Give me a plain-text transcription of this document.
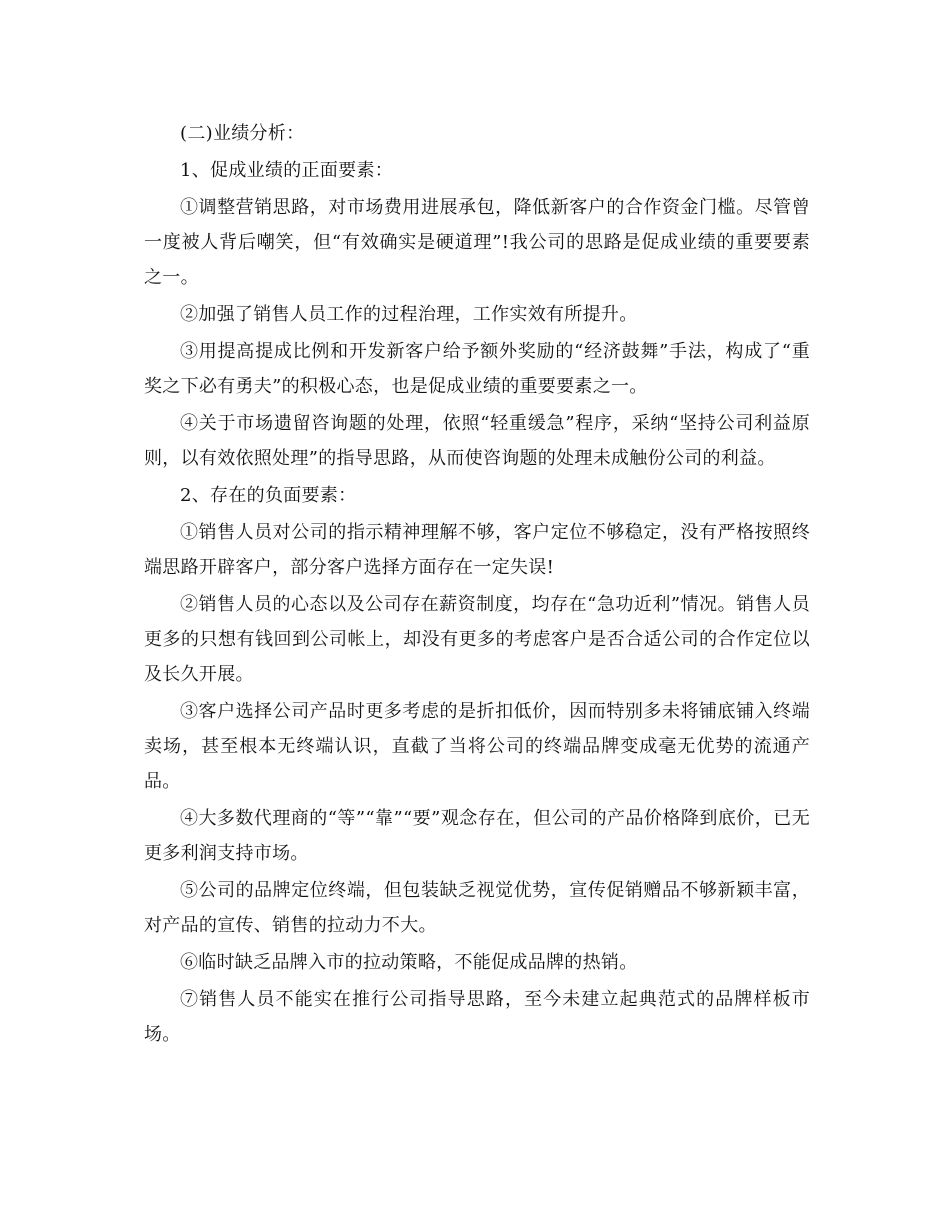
(二)业绩分析：

1、促成业绩的正面要素：

①调整营销思路，对市场费用进展承包，降低新客户的合作资金门槛。尽管曾一度被人背后嘲笑，但“有效确实是硬道理”!我公司的思路是促成业绩的重要要素之一。

②加强了销售人员工作的过程治理，工作实效有所提升。

③用提高提成比例和开发新客户给予额外奖励的“经济鼓舞”手法，构成了“重奖之下必有勇夫”的积极心态，也是促成业绩的重要要素之一。

④关于市场遗留咨询题的处理，依照“轻重缓急”程序，采纳“坚持公司利益原则，以有效依照处理”的指导思路，从而使咨询题的处理未成触份公司的利益。

2、存在的负面要素：

①销售人员对公司的指示精神理解不够，客户定位不够稳定，没有严格按照终端思路开辟客户，部分客户选择方面存在一定失误!

②销售人员的心态以及公司存在薪资制度，均存在“急功近利”情况。销售人员更多的只想有钱回到公司帐上，却没有更多的考虑客户是否合适公司的合作定位以及长久开展。

③客户选择公司产品时更多考虑的是折扣低价，因而特别多未将铺底铺入终端卖场，甚至根本无终端认识，直截了当将公司的终端品牌变成毫无优势的流通产品。

④大多数代理商的“等”“靠”“要”观念存在，但公司的产品价格降到底价，已无更多利润支持市场。

⑤公司的品牌定位终端，但包装缺乏视觉优势，宣传促销赠品不够新颖丰富，对产品的宣传、销售的拉动力不大。

⑥临时缺乏品牌入市的拉动策略，不能促成品牌的热销。

⑦销售人员不能实在推行公司指导思路，至今未建立起典范式的品牌样板市场。
